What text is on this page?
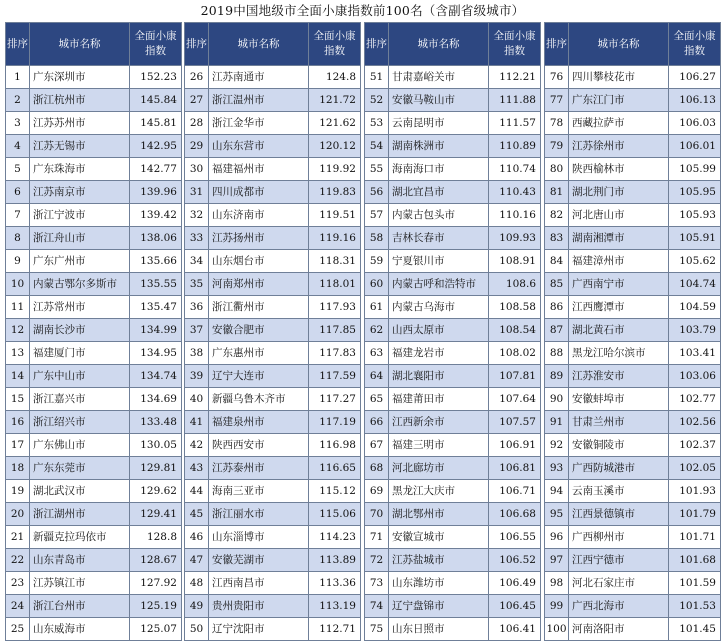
2019中国地级市全面小康指数前100名（含副省级城市）
排序	城市名称	全面小康指数
1	广东深圳市	152.23
2	浙江杭州市	145.84
3	江苏苏州市	145.81
4	江苏无锡市	142.95
5	广东珠海市	142.77
6	江苏南京市	139.96
7	浙江宁波市	139.42
8	浙江舟山市	138.06
9	广东广州市	135.66
10	内蒙古鄂尔多斯市	135.55
11	江苏常州市	135.47
12	湖南长沙市	134.99
13	福建厦门市	134.95
14	广东中山市	134.74
15	浙江嘉兴市	134.69
16	浙江绍兴市	133.48
17	广东佛山市	130.05
18	广东东莞市	129.81
19	湖北武汉市	129.62
20	浙江湖州市	129.41
21	新疆克拉玛依市	128.8
22	山东青岛市	128.67
23	江苏镇江市	127.92
24	浙江台州市	125.19
25	山东威海市	125.07
排序	城市名称	全面小康指数
26	江苏南通市	124.8
27	浙江温州市	121.72
28	浙江金华市	121.62
29	山东东营市	120.12
30	福建福州市	119.92
31	四川成都市	119.83
32	山东济南市	119.51
33	江苏扬州市	119.16
34	山东烟台市	118.31
35	河南郑州市	118.01
36	浙江衢州市	117.93
37	安徽合肥市	117.85
38	广东惠州市	117.83
39	辽宁大连市	117.59
40	新疆乌鲁木齐市	117.27
41	福建泉州市	117.19
42	陕西西安市	116.98
43	江苏泰州市	116.65
44	海南三亚市	115.12
45	浙江丽水市	115.06
46	山东淄博市	114.23
47	安徽芜湖市	113.89
48	江西南昌市	113.36
49	贵州贵阳市	113.19
50	辽宁沈阳市	112.71
排序	城市名称	全面小康指数
51	甘肃嘉峪关市	112.21
52	安徽马鞍山市	111.88
53	云南昆明市	111.57
54	湖南株洲市	110.89
55	海南海口市	110.74
56	湖北宜昌市	110.43
57	内蒙古包头市	110.16
58	吉林长春市	109.93
59	宁夏银川市	108.91
60	内蒙古呼和浩特市	108.6
61	内蒙古乌海市	108.58
62	山西太原市	108.54
63	福建龙岩市	108.02
64	湖北襄阳市	107.81
65	福建莆田市	107.64
66	江西新余市	107.57
67	福建三明市	106.91
68	河北廊坊市	106.81
69	黑龙江大庆市	106.71
70	湖北鄂州市	106.68
71	安徽宣城市	106.55
72	江苏盐城市	106.52
73	山东潍坊市	106.49
74	辽宁盘锦市	106.45
75	山东日照市	106.41
排序	城市名称	全面小康指数
76	四川攀枝花市	106.27
77	广东江门市	106.13
78	西藏拉萨市	106.03
79	江苏徐州市	106.01
80	陕西榆林市	105.99
81	湖北荆门市	105.95
82	河北唐山市	105.93
83	湖南湘潭市	105.91
84	福建漳州市	105.62
85	广西南宁市	104.74
86	江西鹰潭市	104.59
87	湖北黄石市	103.79
88	黑龙江哈尔滨市	103.41
89	江苏淮安市	103.06
90	安徽蚌埠市	102.77
91	甘肃兰州市	102.56
92	安徽铜陵市	102.37
93	广西防城港市	102.05
94	云南玉溪市	101.93
95	江西景德镇市	101.79
96	广西柳州市	101.71
97	江西宁德市	101.68
98	河北石家庄市	101.59
99	广西北海市	101.53
100	河南洛阳市	101.45
